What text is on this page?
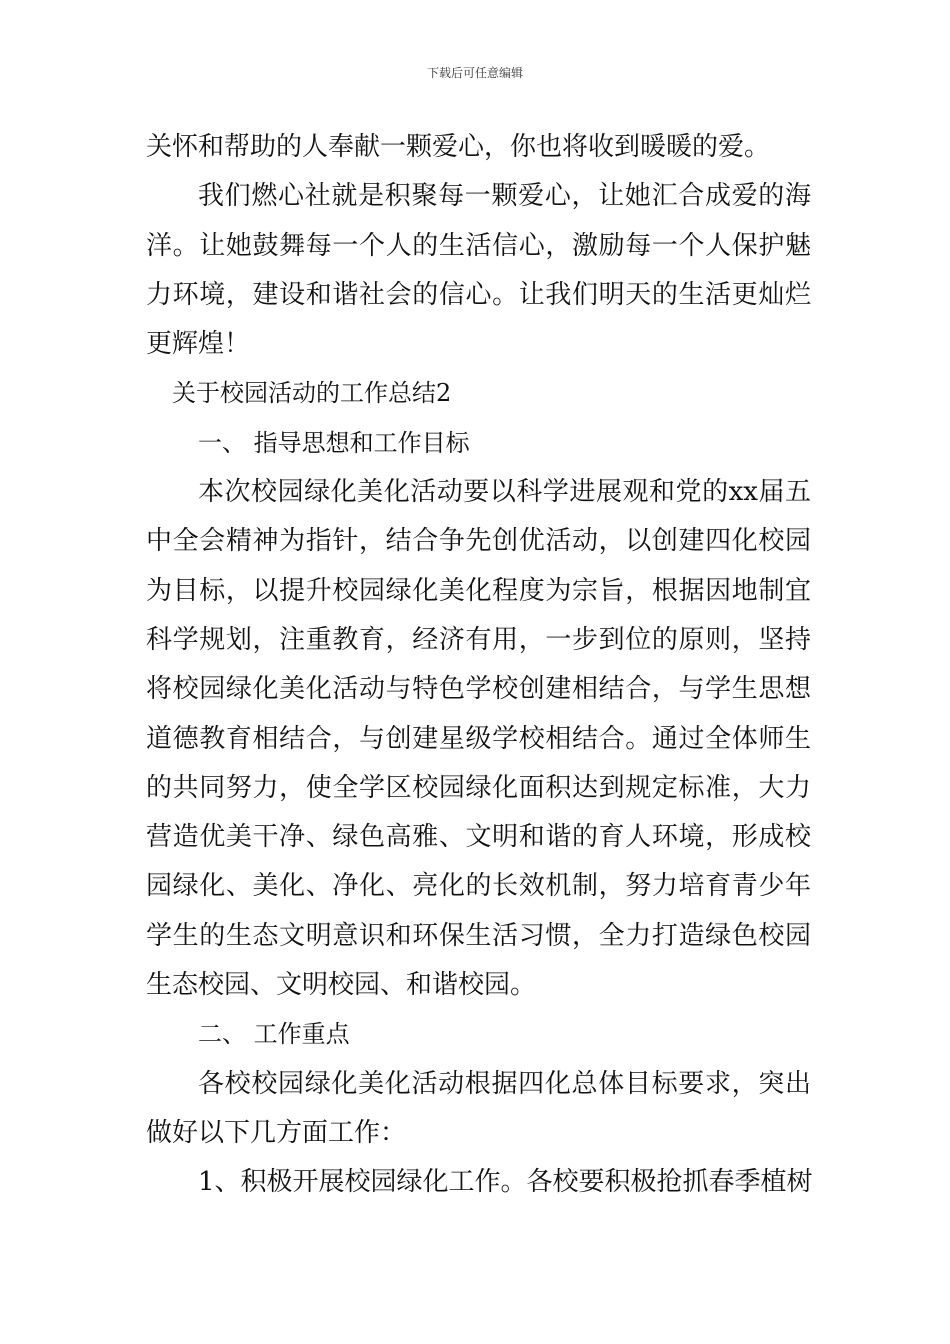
下载后可任意编辑
关怀和帮助的人奉献一颗爱心，你也将收到暖暖的爱。
我们燃心社就是积聚每一颗爱心，让她汇合成爱的海
洋。让她鼓舞每一个人的生活信心，激励每一个人保护魅
力环境，建设和谐社会的信心。让我们明天的生活更灿烂
更辉煌！
关于校园活动的工作总结2
一、 指导思想和工作目标
本次校园绿化美化活动要以科学进展观和党的xx届五
中全会精神为指针，结合争先创优活动，以创建四化校园
为目标，以提升校园绿化美化程度为宗旨，根据因地制宜
科学规划，注重教育，经济有用，一步到位的原则，坚持
将校园绿化美化活动与特色学校创建相结合，与学生思想
道德教育相结合，与创建星级学校相结合。通过全体师生
的共同努力，使全学区校园绿化面积达到规定标准，大力
营造优美干净、绿色高雅、文明和谐的育人环境，形成校
园绿化、美化、净化、亮化的长效机制，努力培育青少年
学生的生态文明意识和环保生活习惯，全力打造绿色校园
生态校园、文明校园、和谐校园。
二、 工作重点
各校校园绿化美化活动根据四化总体目标要求，突出
做好以下几方面工作：
1、积极开展校园绿化工作。各校要积极抢抓春季植树
